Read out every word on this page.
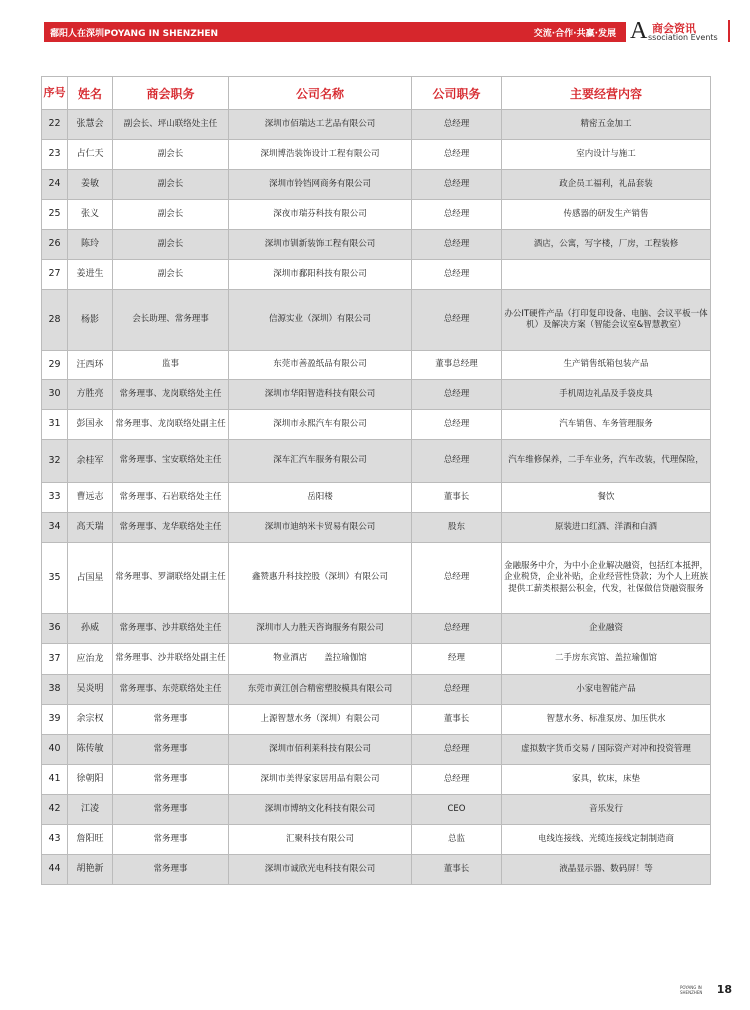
鄱阳人在深圳POYANG IN SHENZHEN	交流·合作·共赢·发展 A 商会资讯
ssociation Events
序号	姓名	商会职务	公司名称	公司职务	主要经营内容
22	张慧会	副会长、坪山联络处主任	深圳市佰瑞达工艺品有限公司	总经理	精密五金加工
23	占仁天	副会长	深圳博浩装饰设计工程有限公司	总经理	室内设计与施工
24	姜敏	副会长	深圳市铃铛网商务有限公司	总经理	政企员工福利，礼品套装
25	张义	副会长	深夜市瑞芬科技有限公司	总经理	传感器的研发生产销售
26	陈玲	副会长	深圳市钏新装饰工程有限公司	总经理	酒店，公寓，写字楼，厂房，工程装修
27	姜进生	副会长	深圳市鄱阳科技有限公司	总经理	
28	杨影	会长助理、常务理事	信源实业（深圳）有限公司	总经理	办公IT硬件产品（打印复印设备、电脑、会议平板一体机）及解决方案（智能会议室&智慧教室）
29	汪西环	监事	东莞市善盈纸品有限公司	董事总经理	生产销售纸箱包装产品
30	方胜亮	常务理事、龙岗联络处主任	深圳市华阳智造科技有限公司	总经理	手机周边礼品及手袋皮具
31	彭国永	常务理事、龙岗联络处副主任	深圳市永熙汽车有限公司	总经理	汽车销售、车务管理服务
32	余桂军	常务理事、宝安联络处主任	深车汇汽车服务有限公司	总经理	汽车维修保养，二手车业务，汽车改装，代理保险，
33	曹远志	常务理事、石岩联络处主任	岳阳楼	董事长	餐饮
34	高天瑞	常务理事、龙华联络处主任	深圳市迪纳米卡贸易有限公司	股东	原装进口红酒、洋酒和白酒
35	占国星	常务理事、罗湖联络处副主任	鑫赞惠升科技控股（深圳）有限公司	总经理	金融服务中介，为中小企业解决融资，包括红本抵押，企业税贷，企业补贴，企业经营性贷款；为个人上班族提供工薪类根据公积金，代发，社保做信贷融资服务
36	孙威	常务理事、沙井联络处主任	深圳市人力胜天咨询服务有限公司	总经理	企业融资
37	应治龙	常务理事、沙井联络处副主任	物业酒店　　盖拉瑜伽馆	经理	二手房东宾馆、盖拉瑜伽馆
38	吴炎明	常务理事、东莞联络处主任	东莞市黄江创合精密塑胶模具有限公司	总经理	小家电智能产品
39	余宗权	常务理事	上源智慧水务（深圳）有限公司	董事长	智慧水务、标准泵房、加压供水
40	陈传敏	常务理事	深圳市佰利莱科技有限公司	总经理	虚拟数字货币交易 / 国际资产对冲和投资管理
41	徐朝阳	常务理事	深圳市美得家家居用品有限公司	总经理	家具，软床，床垫
42	江凌	常务理事	深圳市博纳文化科技有限公司	CEO	音乐发行
43	詹阳旺	常务理事	汇聚科技有限公司	总监	电线连接线、光缆连接线定制制造商
44	胡艳新	常务理事	深圳市诚欣光电科技有限公司	董事长	液晶显示器、数码屏！等
POYANG IN
SHENZHEN 18
